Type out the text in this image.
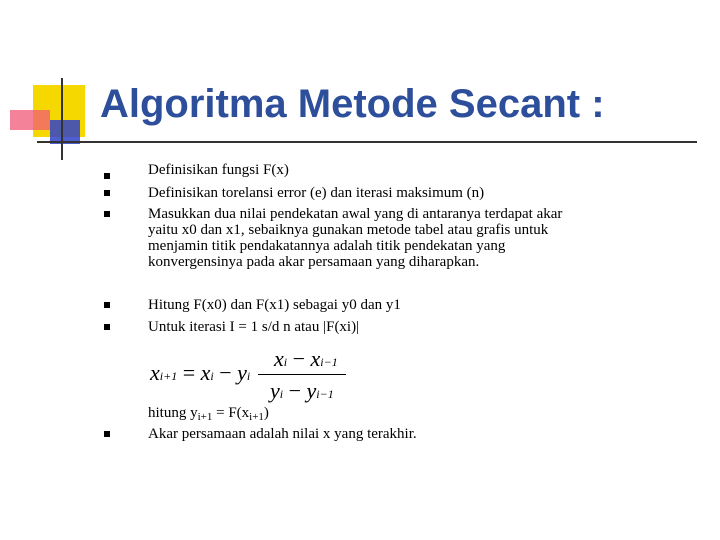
Algoritma Metode Secant :
Definisikan fungsi F(x)
Definisikan torelansi error (e) dan iterasi maksimum (n)
Masukkan dua nilai pendekatan awal yang di antaranya terdapat akar yaitu x0 dan x1, sebaiknya gunakan metode tabel atau grafis untuk menjamin titik pendakatannya adalah titik pendekatan yang konvergensinya pada akar persamaan yang diharapkan.
Hitung F(x0) dan F(x1) sebagai y0 dan y1
Untuk iterasi I = 1 s/d n atau |F(xi)|
xi+1 = xi − yi
xi − xi−1
yi − yi−1
hitung $y_{i+1} = F(x_{i+1})$
Akar persamaan adalah nilai x yang terakhir.
